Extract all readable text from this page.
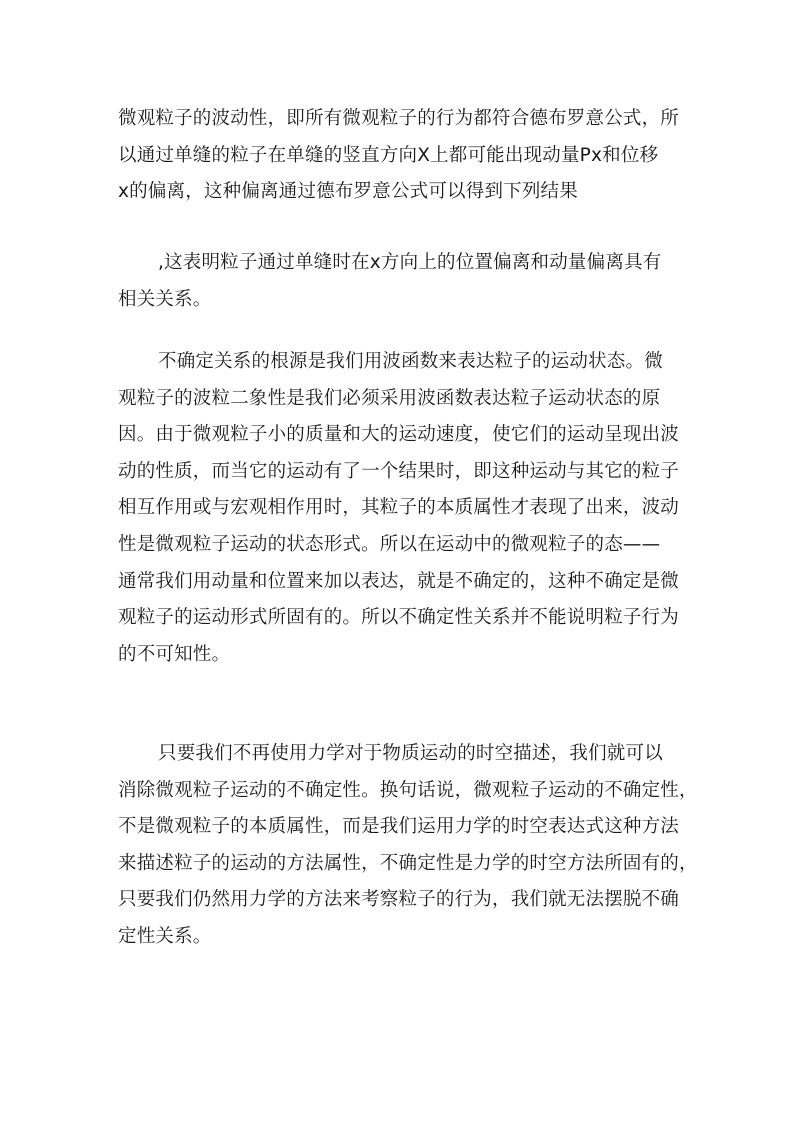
微观粒子的波动性，即所有微观粒子的行为都符合德布罗意公式，所
以通过单缝的粒子在单缝的竖直方向X上都可能出现动量Px和位移
x的偏离，这种偏离通过德布罗意公式可以得到下列结果

,这表明粒子通过单缝时在x方向上的位置偏离和动量偏离具有
相关关系。

不确定关系的根源是我们用波函数来表达粒子的运动状态。微
观粒子的波粒二象性是我们必须采用波函数表达粒子运动状态的原
因。由于微观粒子小的质量和大的运动速度，使它们的运动呈现出波
动的性质，而当它的运动有了一个结果时，即这种运动与其它的粒子
相互作用或与宏观相作用时，其粒子的本质属性才表现了出来，波动
性是微观粒子运动的状态形式。所以在运动中的微观粒子的态——
通常我们用动量和位置来加以表达，就是不确定的，这种不确定是微
观粒子的运动形式所固有的。所以不确定性关系并不能说明粒子行为
的不可知性。

只要我们不再使用力学对于物质运动的时空描述，我们就可以
消除微观粒子运动的不确定性。换句话说，微观粒子运动的不确定性，
不是微观粒子的本质属性，而是我们运用力学的时空表达式这种方法
来描述粒子的运动的方法属性，不确定性是力学的时空方法所固有的，
只要我们仍然用力学的方法来考察粒子的行为，我们就无法摆脱不确
定性关系。
